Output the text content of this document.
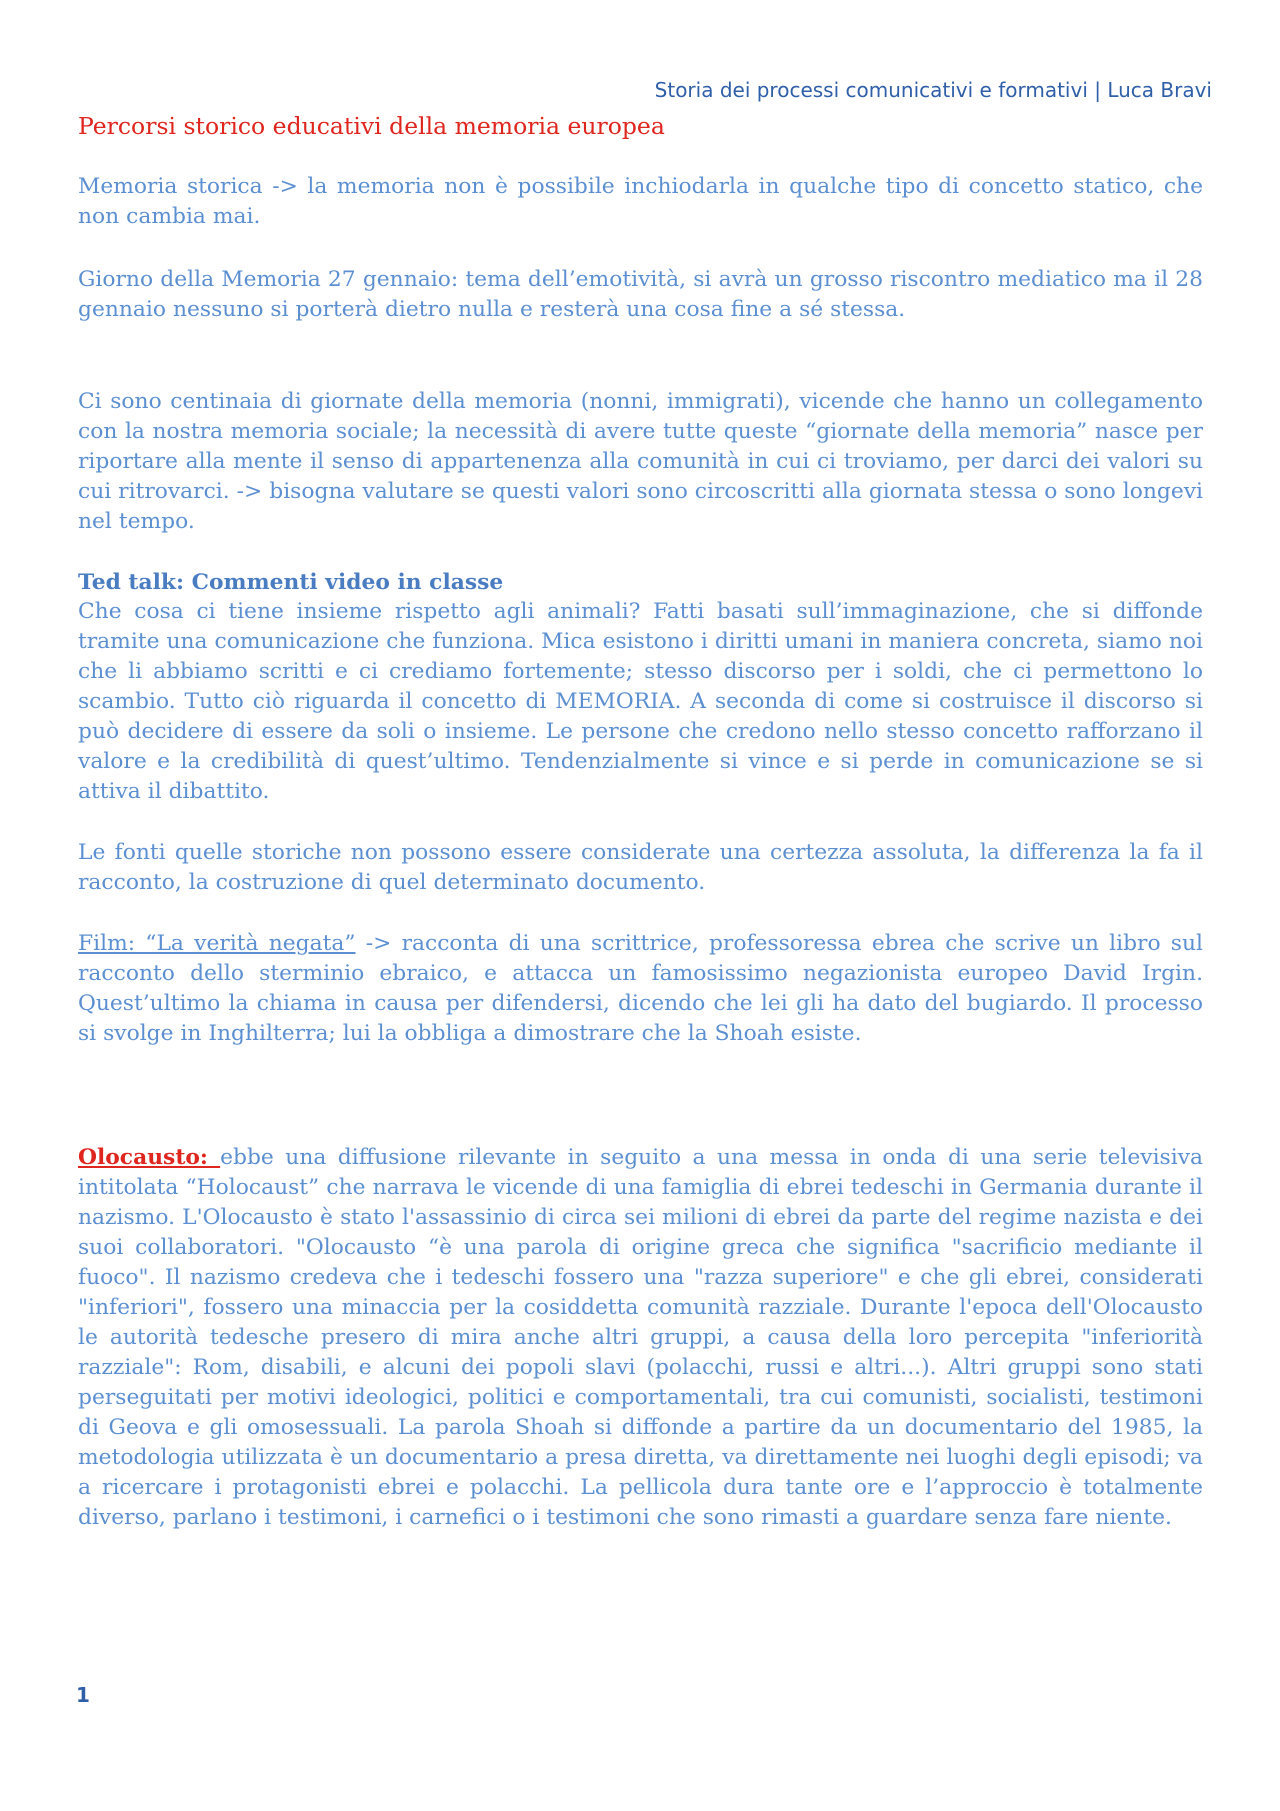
Storia dei processi comunicativi e formativi | Luca Bravi
Percorsi storico educativi della memoria europea

Memoria storica -> la memoria non è possibile inchiodarla in qualche tipo di concetto statico, che non cambia mai.

Giorno della Memoria 27 gennaio: tema dell’emotività, si avrà un grosso riscontro mediatico ma il 28 gennaio nessuno si porterà dietro nulla e resterà una cosa fine a sé stessa.

Ci sono centinaia di giornate della memoria (nonni, immigrati), vicende che hanno un collegamento con la nostra memoria sociale; la necessità di avere tutte queste “giornate della memoria” nasce per riportare alla mente il senso di appartenenza alla comunità in cui ci troviamo, per darci dei valori su cui ritrovarci. -> bisogna valutare se questi valori sono circoscritti alla giornata stessa o sono longevi nel tempo.

Ted talk: Commenti video in classe

Che cosa ci tiene insieme rispetto agli animali? Fatti basati sull’immaginazione, che si diffonde tramite una comunicazione che funziona. Mica esistono i diritti umani in maniera concreta, siamo noi che li abbiamo scritti e ci crediamo fortemente; stesso discorso per i soldi, che ci permettono lo scambio. Tutto ciò riguarda il concetto di MEMORIA. A seconda di come si costruisce il discorso si può decidere di essere da soli o insieme. Le persone che credono nello stesso concetto rafforzano il valore e la credibilità di quest’ultimo. Tendenzialmente si vince e si perde in comunicazione se si attiva il dibattito.

Le fonti quelle storiche non possono essere considerate una certezza assoluta, la differenza la fa il racconto, la costruzione di quel determinato documento.

Film: “La verità negata” -> racconta di una scrittrice, professoressa ebrea che scrive un libro sul racconto dello sterminio ebraico, e attacca un famosissimo negazionista europeo David Irgin. Quest’ultimo la chiama in causa per difendersi, dicendo che lei gli ha dato del bugiardo. Il processo si svolge in Inghilterra; lui la obbliga a dimostrare che la Shoah esiste.

Olocausto: ebbe una diffusione rilevante in seguito a una messa in onda di una serie televisiva intitolata “Holocaust” che narrava le vicende di una famiglia di ebrei tedeschi in Germania durante il nazismo. L'Olocausto è stato l'assassinio di circa sei milioni di ebrei da parte del regime nazista e dei suoi collaboratori. "Olocausto “è una parola di origine greca che significa "sacrificio mediante il fuoco". Il nazismo credeva che i tedeschi fossero una "razza superiore" e che gli ebrei, considerati "inferiori", fossero una minaccia per la cosiddetta comunità razziale. Durante l'epoca dell'Olocausto le autorità tedesche presero di mira anche altri gruppi, a causa della loro percepita "inferiorità razziale": Rom, disabili, e alcuni dei popoli slavi (polacchi, russi e altri...). Altri gruppi sono stati perseguitati per motivi ideologici, politici e comportamentali, tra cui comunisti, socialisti, testimoni di Geova e gli omosessuali. La parola Shoah si diffonde a partire da un documentario del 1985, la metodologia utilizzata è un documentario a presa diretta, va direttamente nei luoghi degli episodi; va a ricercare i protagonisti ebrei e polacchi. La pellicola dura tante ore e l’approccio è totalmente diverso, parlano i testimoni, i carnefici o i testimoni che sono rimasti a guardare senza fare niente.

1
